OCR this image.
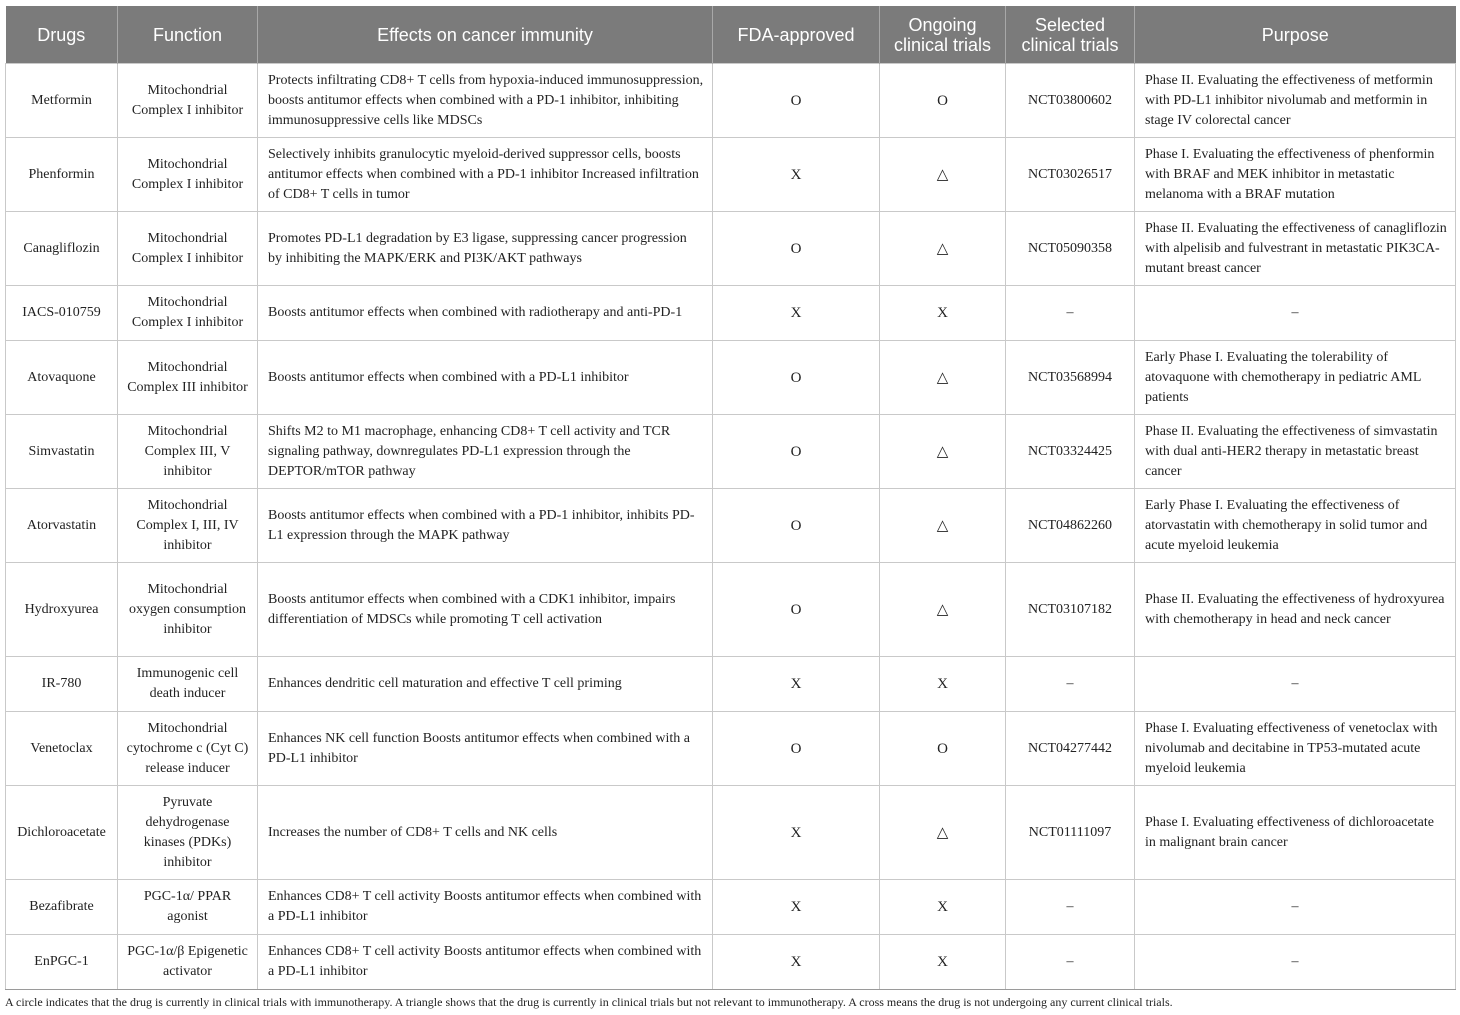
Drugs	Function	Effects on cancer immunity	FDA-approved	Ongoing clinical trials	Selected clinical trials	Purpose
Metformin	Mitochondrial Complex I inhibitor	Protects infiltrating CD8+ T cells from hypoxia-induced immunosuppression, boosts antitumor effects when combined with a PD-1 inhibitor, inhibiting immunosuppressive cells like MDSCs	O	O	NCT03800602	Phase II. Evaluating the effectiveness of metformin with PD-L1 inhibitor nivolumab and metformin in stage IV colorectal cancer
Phenformin	Mitochondrial Complex I inhibitor	Selectively inhibits granulocytic myeloid-derived suppressor cells, boosts antitumor effects when combined with a PD-1 inhibitor Increased infiltration of CD8+ T cells in tumor	X	△	NCT03026517	Phase I. Evaluating the effectiveness of phenformin with BRAF and MEK inhibitor in metastatic melanoma with a BRAF mutation
Canagliflozin	Mitochondrial Complex I inhibitor	Promotes PD-L1 degradation by E3 ligase, suppressing cancer progression by inhibiting the MAPK/ERK and PI3K/AKT pathways	O	△	NCT05090358	Phase II. Evaluating the effectiveness of canagliflozin with alpelisib and fulvestrant in metastatic PIK3CA-mutant breast cancer
IACS-010759	Mitochondrial Complex I inhibitor	Boosts antitumor effects when combined with radiotherapy and anti-PD-1	X	X	–	–
Atovaquone	Mitochondrial Complex III inhibitor	Boosts antitumor effects when combined with a PD-L1 inhibitor	O	△	NCT03568994	Early Phase I. Evaluating the tolerability of atovaquone with chemotherapy in pediatric AML patients
Simvastatin	Mitochondrial Complex III, V inhibitor	Shifts M2 to M1 macrophage, enhancing CD8+ T cell activity and TCR signaling pathway, downregulates PD-L1 expression through the DEPTOR/mTOR pathway	O	△	NCT03324425	Phase II. Evaluating the effectiveness of simvastatin with dual anti-HER2 therapy in metastatic breast cancer
Atorvastatin	Mitochondrial Complex I, III, IV inhibitor	Boosts antitumor effects when combined with a PD-1 inhibitor, inhibits PD-L1 expression through the MAPK pathway	O	△	NCT04862260	Early Phase I. Evaluating the effectiveness of atorvastatin with chemotherapy in solid tumor and acute myeloid leukemia
Hydroxyurea	Mitochondrial oxygen consumption inhibitor	Boosts antitumor effects when combined with a CDK1 inhibitor, impairs differentiation of MDSCs while promoting T cell activation	O	△	NCT03107182	Phase II. Evaluating the effectiveness of hydroxyurea with chemotherapy in head and neck cancer
IR-780	Immunogenic cell death inducer	Enhances dendritic cell maturation and effective T cell priming	X	X	–	–
Venetoclax	Mitochondrial cytochrome c (Cyt C) release inducer	Enhances NK cell function Boosts antitumor effects when combined with a PD-L1 inhibitor	O	O	NCT04277442	Phase I. Evaluating effectiveness of venetoclax with nivolumab and decitabine in TP53-mutated acute myeloid leukemia
Dichloroacetate	Pyruvate dehydrogenase kinases (PDKs) inhibitor	Increases the number of CD8+ T cells and NK cells	X	△	NCT01111097	Phase I. Evaluating effectiveness of dichloroacetate in malignant brain cancer
Bezafibrate	PGC-1α/ PPAR agonist	Enhances CD8+ T cell activity Boosts antitumor effects when combined with a PD-L1 inhibitor	X	X	–	–
EnPGC-1	PGC-1α/β Epigenetic activator	Enhances CD8+ T cell activity Boosts antitumor effects when combined with a PD-L1 inhibitor	X	X	–	–
A circle indicates that the drug is currently in clinical trials with immunotherapy. A triangle shows that the drug is currently in clinical trials but not relevant to immunotherapy. A cross means the drug is not undergoing any current clinical trials.
